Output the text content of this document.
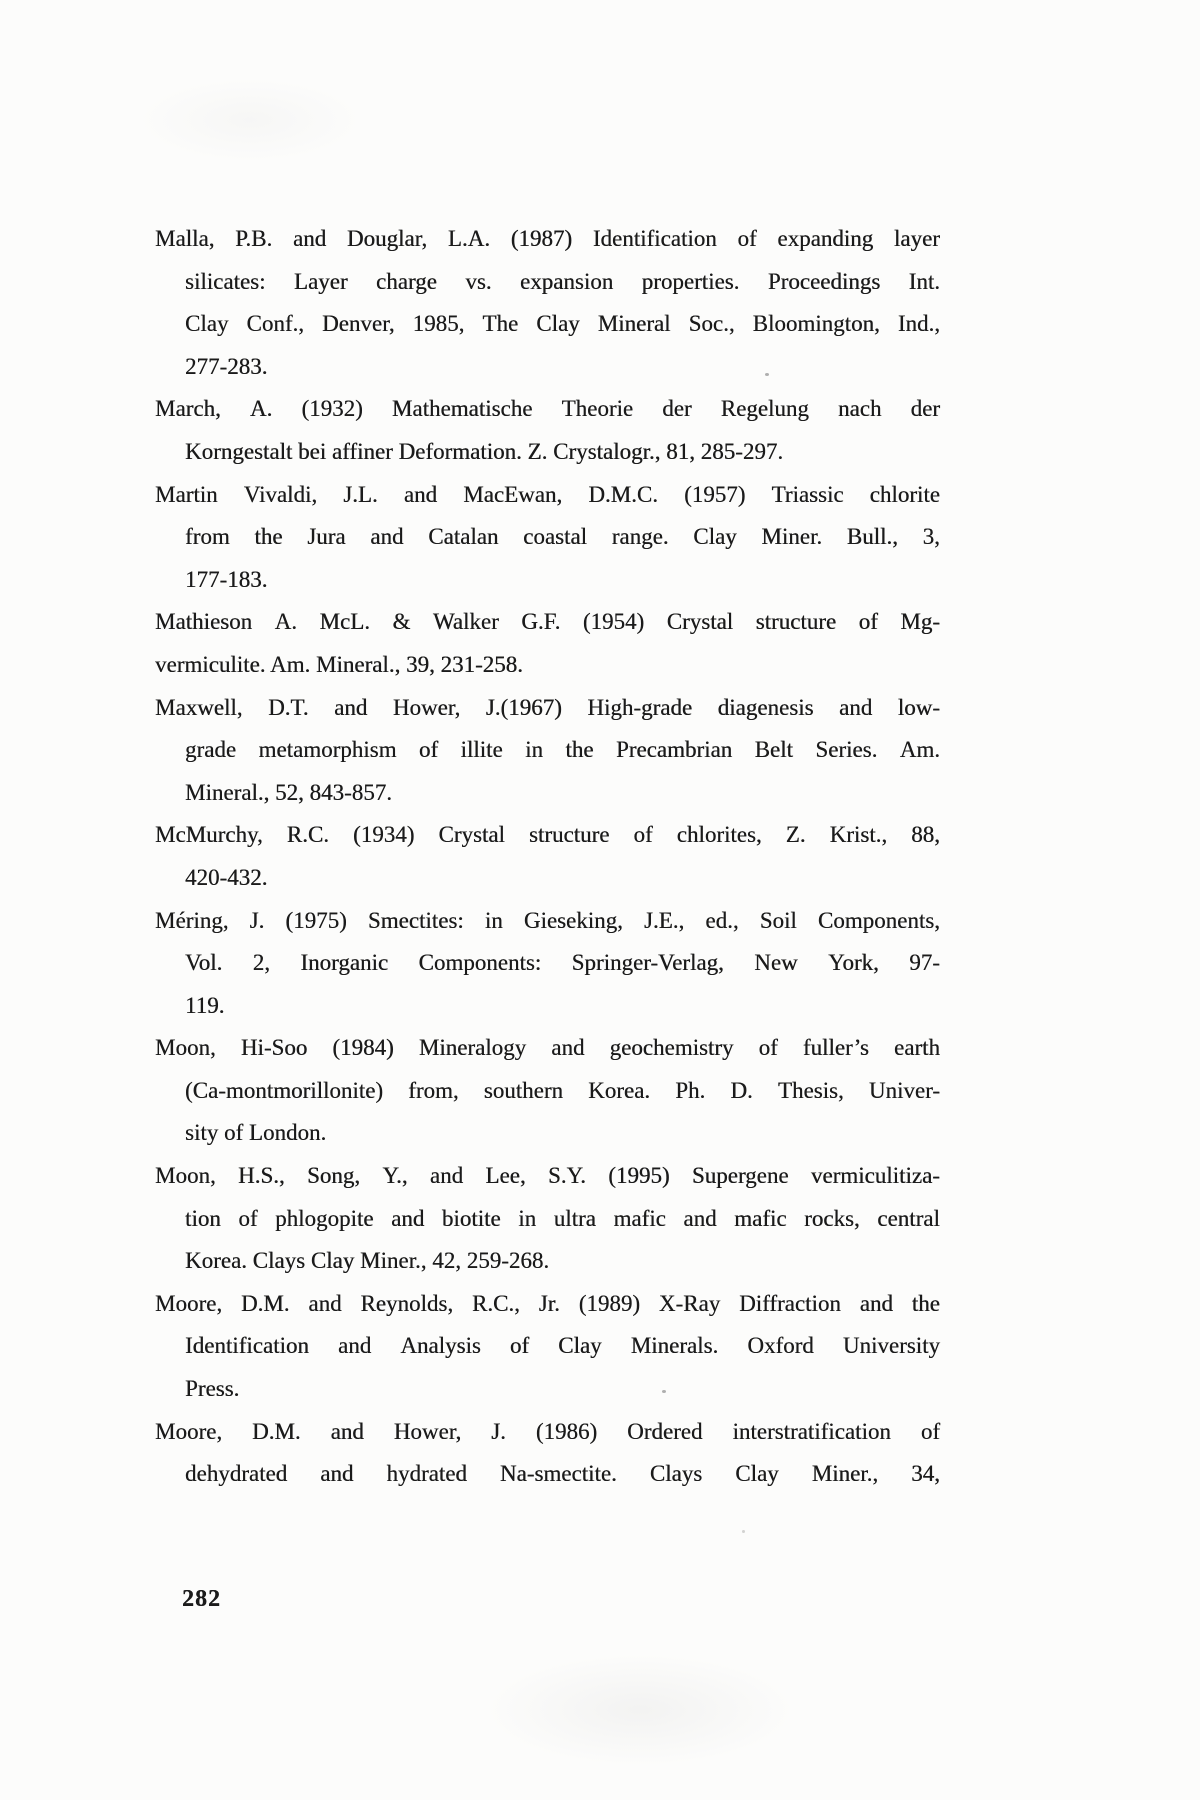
Malla, P.B. and Douglar, L.A. (1987) Identification of expanding layer
silicates: Layer charge vs. expansion properties. Proceedings Int.
Clay Conf., Denver, 1985, The Clay Mineral Soc., Bloomington, Ind.,
277-283.
March, A. (1932) Mathematische Theorie der Regelung nach der
Korngestalt bei affiner Deformation. Z. Crystalogr., 81, 285-297.
Martin Vivaldi, J.L. and MacEwan, D.M.C. (1957) Triassic chlorite
from the Jura and Catalan coastal range. Clay Miner. Bull., 3,
177-183.
Mathieson A. McL. & Walker G.F. (1954) Crystal structure of Mg-
vermiculite. Am. Mineral., 39, 231-258.
Maxwell, D.T. and Hower, J.(1967) High-grade diagenesis and low-
grade metamorphism of illite in the Precambrian Belt Series. Am.
Mineral., 52, 843-857.
McMurchy, R.C. (1934) Crystal structure of chlorites, Z. Krist., 88,
420-432.
Méring, J. (1975) Smectites: in Gieseking, J.E., ed., Soil Components,
Vol. 2, Inorganic Components: Springer-Verlag, New York, 97-
119.
Moon, Hi-Soo (1984) Mineralogy and geochemistry of fuller’s earth
(Ca-montmorillonite) from, southern Korea. Ph. D. Thesis, Univer-
sity of London.
Moon, H.S., Song, Y., and Lee, S.Y. (1995) Supergene vermiculitiza-
tion of phlogopite and biotite in ultra mafic and mafic rocks, central
Korea. Clays Clay Miner., 42, 259-268.
Moore, D.M. and Reynolds, R.C., Jr. (1989) X-Ray Diffraction and the
Identification and Analysis of Clay Minerals. Oxford University
Press.
Moore, D.M. and Hower, J. (1986) Ordered interstratification of
dehydrated and hydrated Na-smectite. Clays Clay Miner., 34,
282
